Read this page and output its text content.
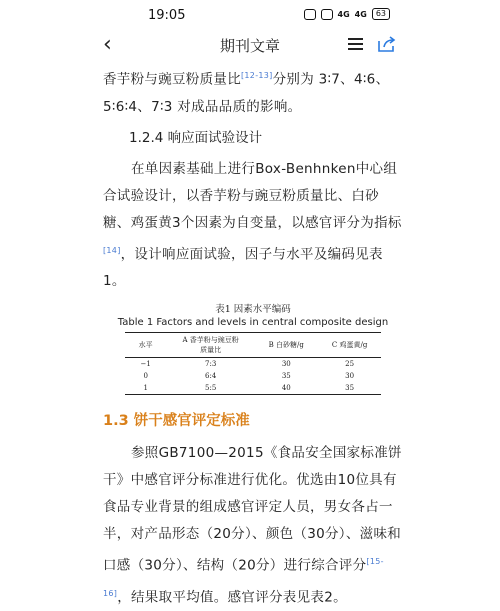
19:05	4G 4G	63
‹	期刊文章

香芋粉与豌豆粉质量比[12-13]分别为 3∶7、4∶6、5∶6∶4、7∶3 对成品品质的影响。

1.2.4 响应面试验设计

在单因素基础上进行Box-Benhnken中心组合试验设计，以香芋粉与豌豆粉质量比、白砂糖、鸡蛋黄3个因素为自变量，以感官评分为指标[14]，设计响应面试验，因子与水平及编码见表1。

表1 因素水平编码
Table 1 Factors and levels in central composite design
水平	A 香芋粉与豌豆粉质量比	B 白砂糖/g	C 鸡蛋黄/g
−1	7:3	30	25
0	6:4	35	30
1	5:5	40	35
1.3 饼干感官评定标准

参照GB7100—2015《食品安全国家标准饼干》中感官评分标准进行优化。优选由10位具有食品专业背景的组成感官评定人员，男女各占一半，对产品形态（20分）、颜色（30分）、滋味和口感（30分）、结构（20分）进行综合评分[15-16]，结果取平均值。感官评分表见表2。
